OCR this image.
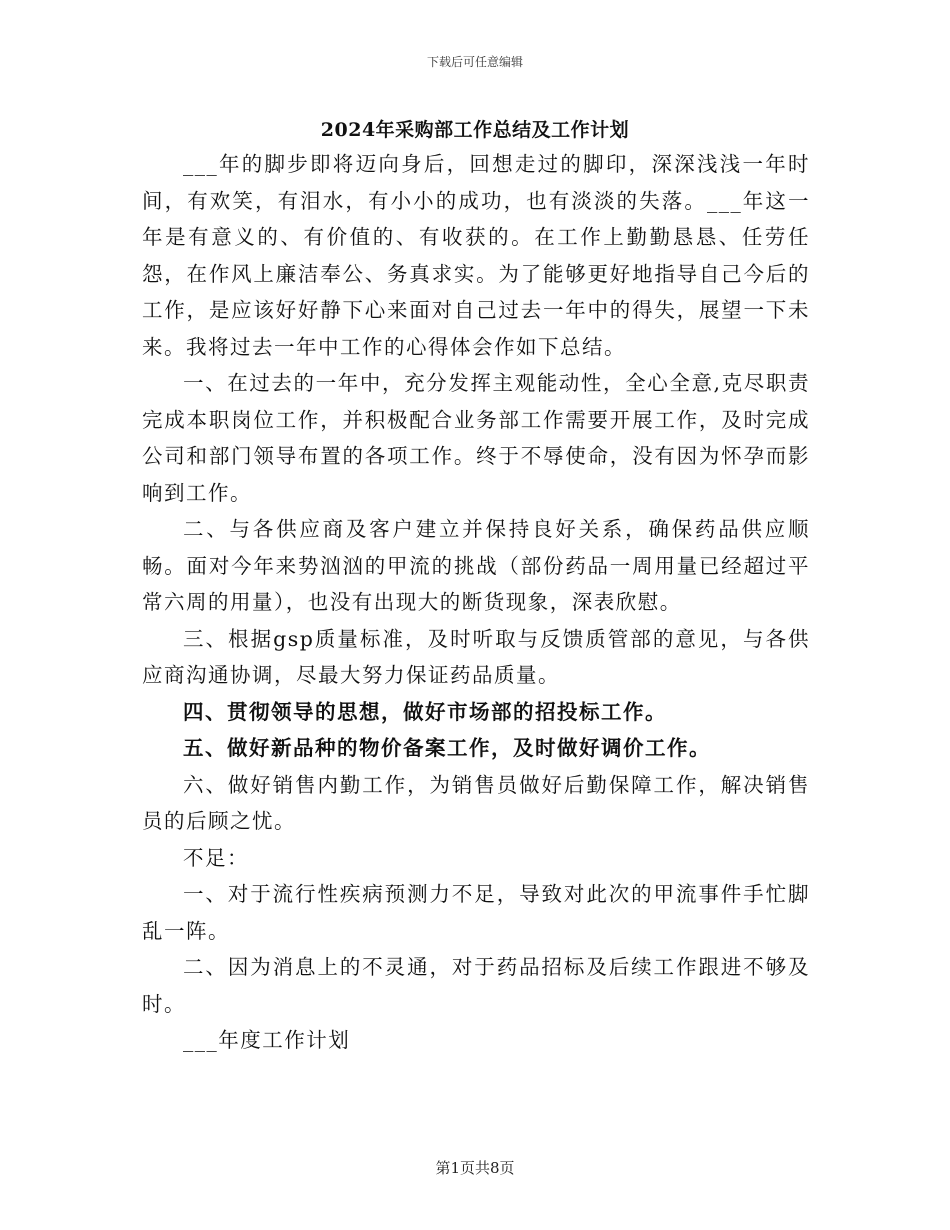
下载后可任意编辑
2024年采购部工作总结及工作计划

___年的脚步即将迈向身后，回想走过的脚印，深深浅浅一年时间，有欢笑，有泪水，有小小的成功，也有淡淡的失落。___年这一年是有意义的、有价值的、有收获的。在工作上勤勤恳恳、任劳任怨，在作风上廉洁奉公、务真求实。为了能够更好地指导自己今后的工作，是应该好好静下心来面对自己过去一年中的得失，展望一下未来。我将过去一年中工作的心得体会作如下总结。

一、在过去的一年中，充分发挥主观能动性，全心全意,克尽职责完成本职岗位工作，并积极配合业务部工作需要开展工作，及时完成公司和部门领导布置的各项工作。终于不辱使命，没有因为怀孕而影响到工作。

二、与各供应商及客户建立并保持良好关系，确保药品供应顺畅。面对今年来势汹汹的甲流的挑战（部份药品一周用量已经超过平常六周的用量），也没有出现大的断货现象，深表欣慰。

三、根据gsp质量标准，及时听取与反馈质管部的意见，与各供应商沟通协调，尽最大努力保证药品质量。

四、贯彻领导的思想，做好市场部的招投标工作。

五、做好新品种的物价备案工作，及时做好调价工作。

六、做好销售内勤工作，为销售员做好后勤保障工作，解决销售员的后顾之忧。

不足：

一、对于流行性疾病预测力不足，导致对此次的甲流事件手忙脚乱一阵。

二、因为消息上的不灵通，对于药品招标及后续工作跟进不够及时。

___年度工作计划

第1页共8页
